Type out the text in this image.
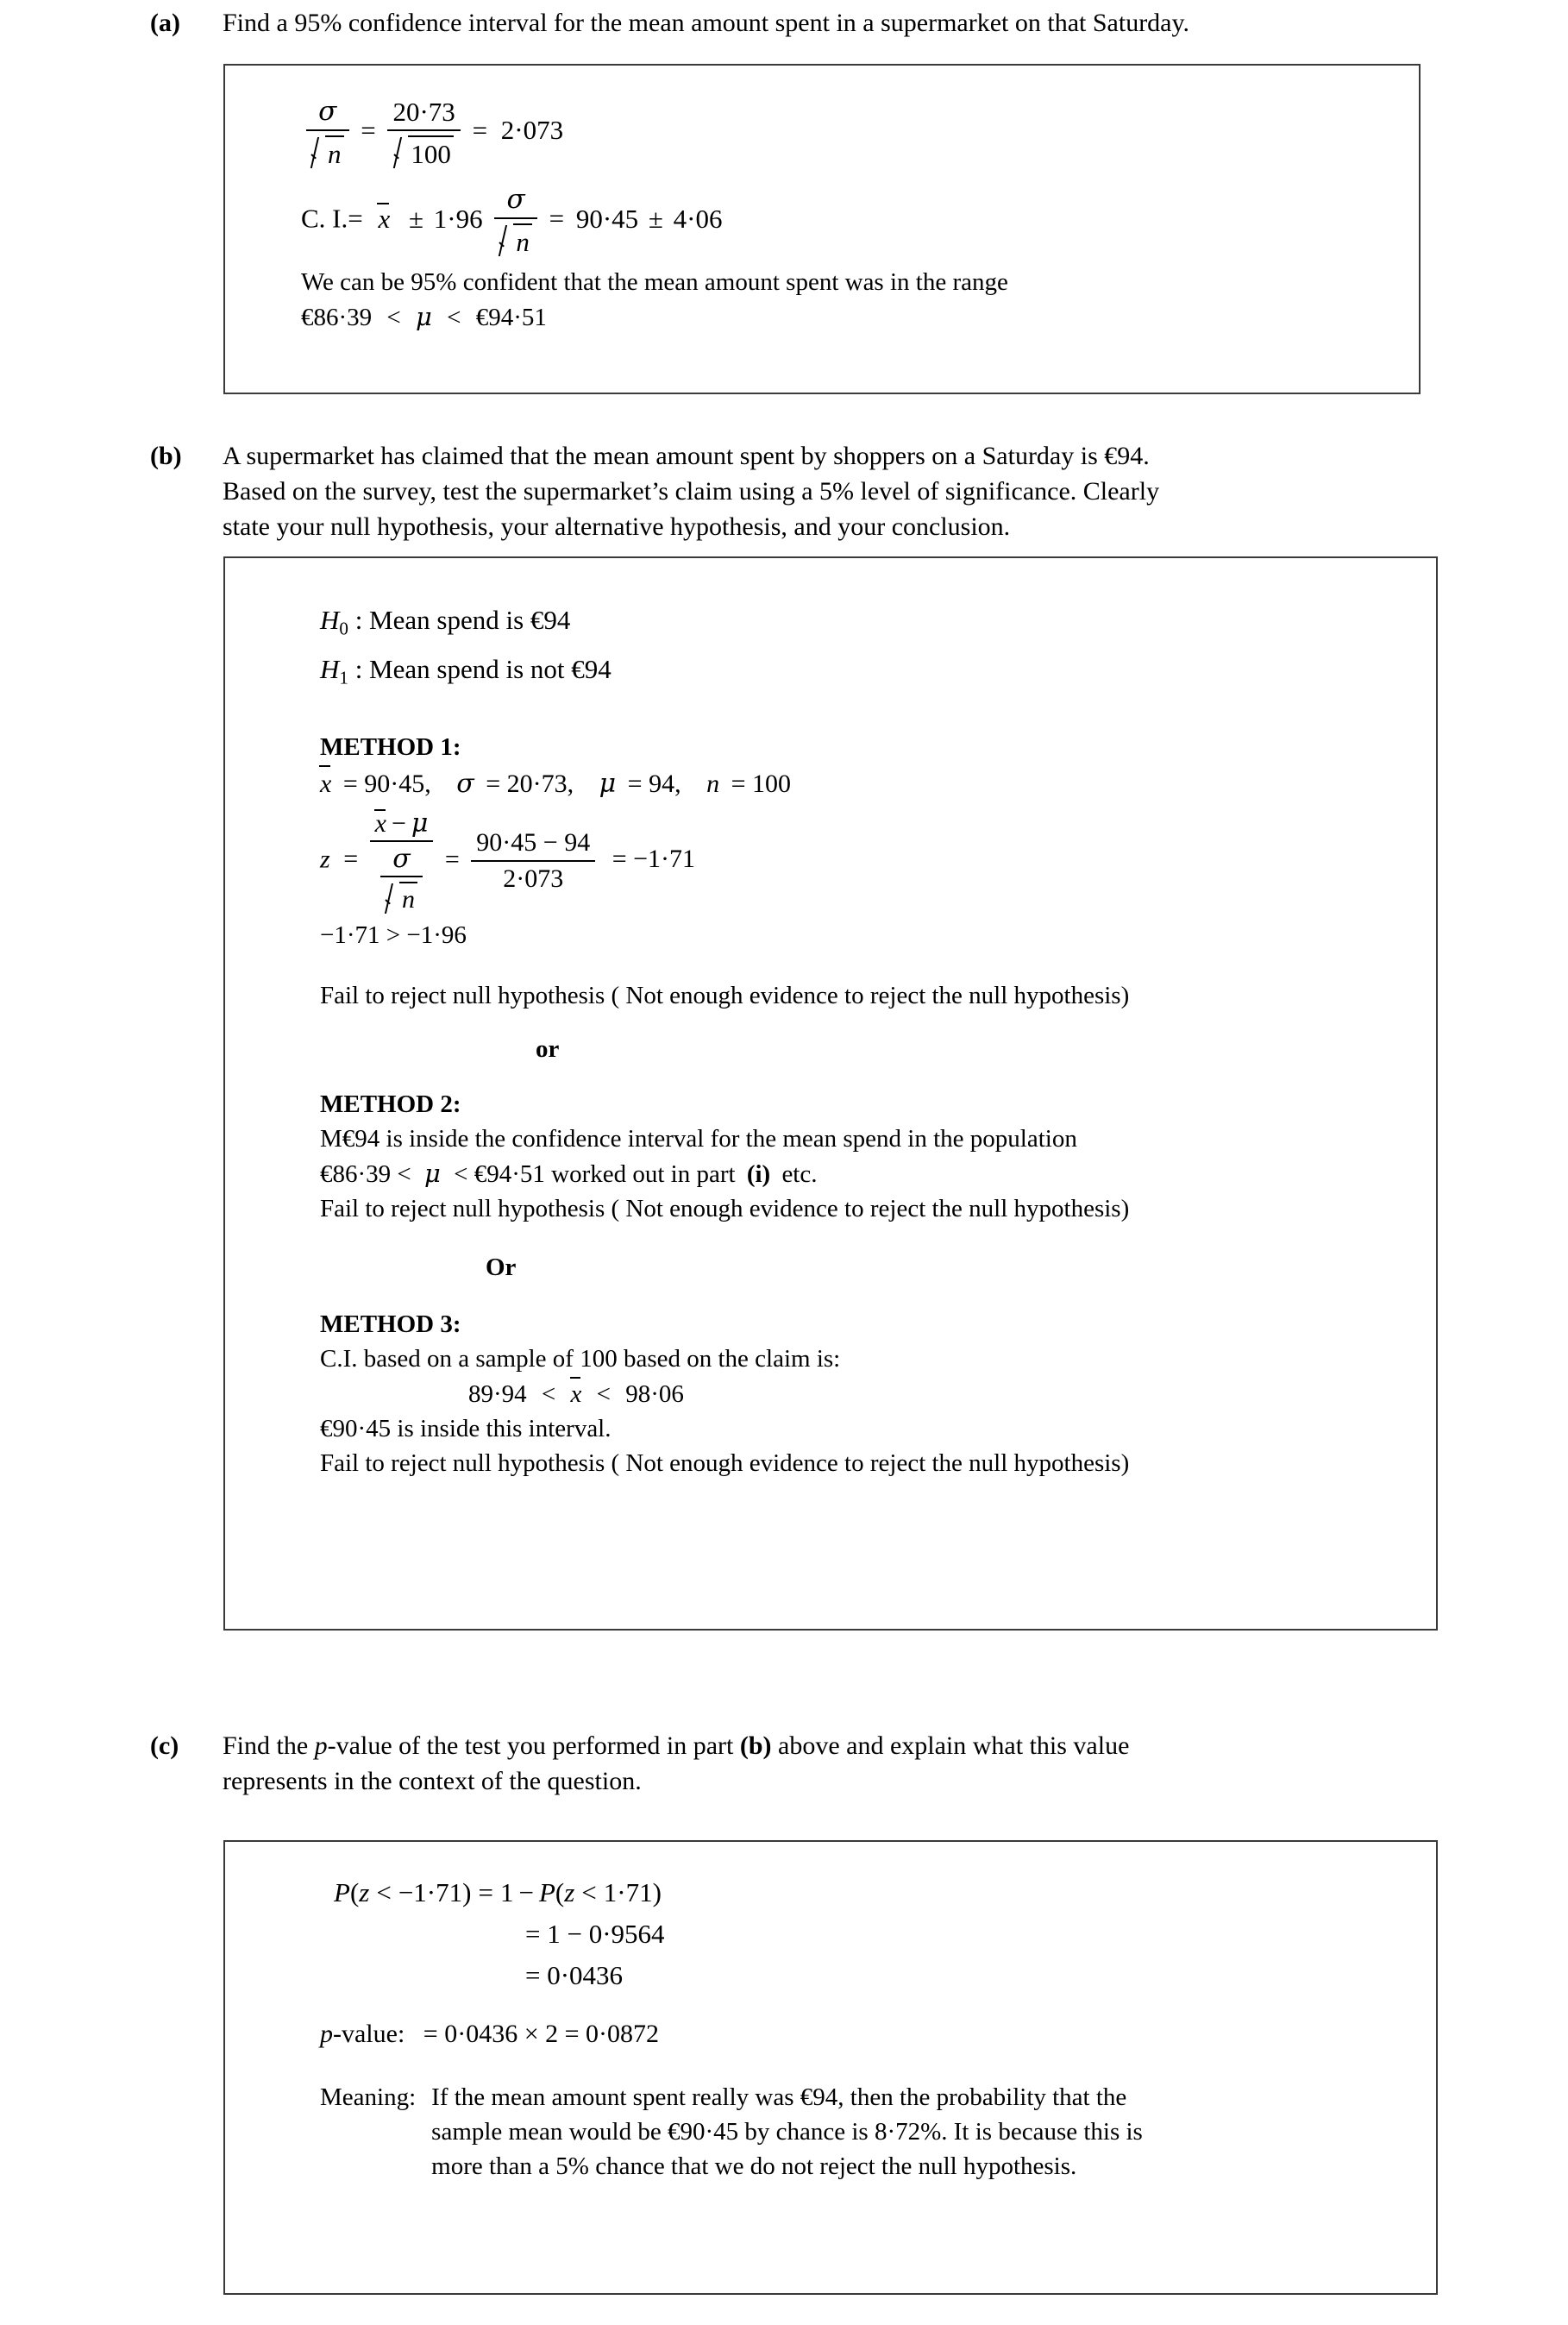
(a)	Find a 95% confidence interval for the mean amount spent in a supermarket on that Saturday.

$\frac{\sigma}{n} = \frac{20\cdot 73}{100} = 2\cdot 073$
C. $I.= x \pm 1\cdot 96 \frac{\sigma}{n} = 90\cdot 45 \pm 4\cdot 06$
We can be 95% confident that the mean amount spent was in the range
€86·39 < μ < €94·51
(b)	A supermarket has claimed that the mean amount spent by shoppers on a Saturday is €94.

Based on the survey, test the supermarket’s claim using a 5% level of significance. Clearly

state your null hypothesis, your alternative hypothesis, and your conclusion.

$H_0$ : Mean spend is €94
$H_1$ : Mean spend is not €94
METHOD 1:
x = 90·45, σ = 20·73, μ = 94, n = 100
$z = \frac{x - \mu}{\frac{\sigma}{n}} = \frac{90\cdot 45 - 94}{2\cdot 073} = -1\cdot 71$
−1·71 > −1·96
Fail to reject null hypothesis ( Not enough evidence to reject the null hypothesis)
or
METHOD 2:
M€94 is inside the confidence interval for the mean spend in the population
€86·39 < μ < €94·51 worked out in part (i) etc.
Fail to reject null hypothesis ( Not enough evidence to reject the null hypothesis)
Or
METHOD 3:
C.I. based on a sample of 100 based on the claim is:
89·94 < x < 98·06
€90·45 is inside this interval.
Fail to reject null hypothesis ( Not enough evidence to reject the null hypothesis)
(c)	Find the p-value of the test you performed in part (b) above and explain what this value

represents in the context of the question.

P(z < −1·71) = 1 − P(z < 1·71)
= 1 − 0·9564
= 0·0436
p-value: = 0·0436 × 2 = 0·0872
Meaning: If the mean amount spent really was €94, then the probability that the
sample mean would be €90·45 by chance is 8·72%. It is because this is
more than a 5% chance that we do not reject the null hypothesis.
